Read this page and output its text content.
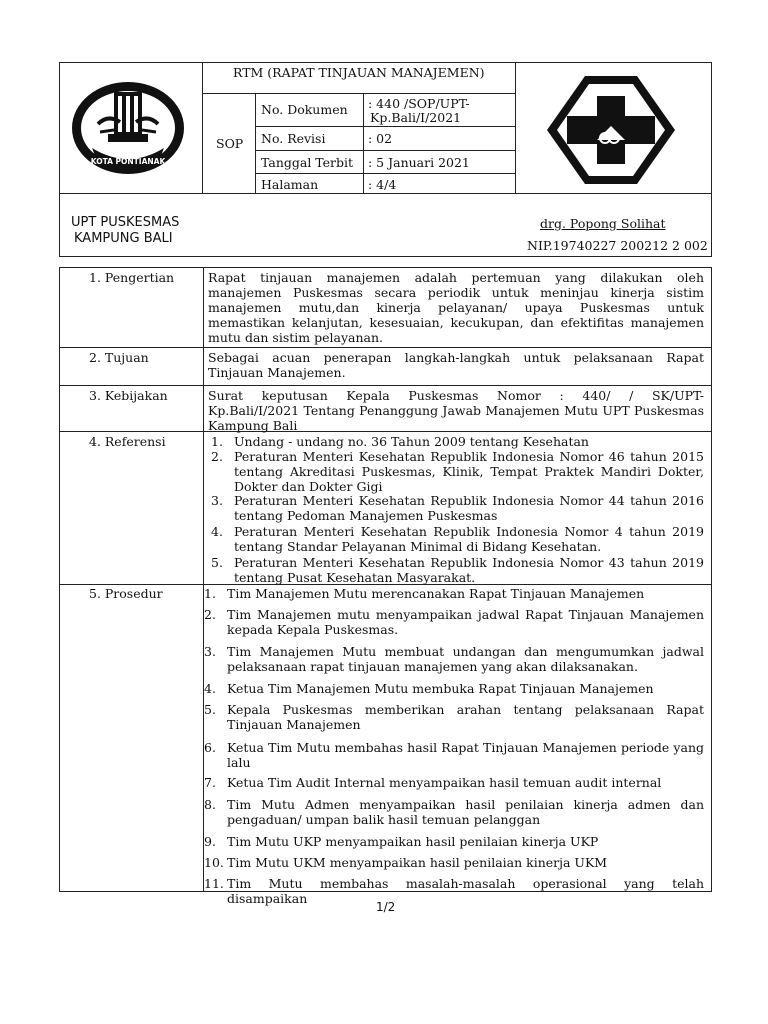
KOTA PONTIANAK
RTM (RAPAT TINJAUAN MANAJEMEN)
SOP
No. Dokumen : 440 /SOP/UPT-
Kp.Bali/I/2021
No. Revisi	: 02
Tanggal Terbit : 5 Januari 2021
Halaman	: 4/4
UPT PUSKESMAS
KAMPUNG BALI
drg. Popong Solihat
NIP.19740227 200212 2 002
1. Pengertian	Rapat tinjauan manajemen adalah pertemuan yang dilakukan oleh manajemen Puskesmas secara periodik untuk meninjau kinerja sistim manajemen mutu,dan kinerja pelayanan/ upaya Puskesmas untuk memastikan kelanjutan, kesesuaian, kecukupan, dan efektifitas manajemen mutu dan sistim pelayanan.
2. Tujuan	Sebagai acuan penerapan langkah-langkah untuk pelaksanaan Rapat Tinjauan Manajemen.
3. Kebijakan	Surat keputusan Kepala Puskesmas Nomor : 440/ / SK/UPT-
Kp.Bali/I/2021 Tentang Penanggung Jawab Manajemen Mutu UPT Puskesmas Kampung Bali
4. Referensi	1. Undang - undang no. 36 Tahun 2009 tentang Kesehatan
2. Peraturan Menteri Kesehatan Republik Indonesia Nomor 46 tahun 2015 tentang Akreditasi Puskesmas, Klinik, Tempat Praktek Mandiri Dokter, Dokter dan Dokter Gigi
3. Peraturan Menteri Kesehatan Republik Indonesia Nomor 44 tahun 2016 tentang Pedoman Manajemen Puskesmas
4. Peraturan Menteri Kesehatan Republik Indonesia Nomor 4 tahun 2019 tentang Standar Pelayanan Minimal di Bidang Kesehatan.
5. Peraturan Menteri Kesehatan Republik Indonesia Nomor 43 tahun 2019 tentang Pusat Kesehatan Masyarakat.
5. Prosedur	1. Tim Manajemen Mutu merencanakan Rapat Tinjauan Manajemen
2. Tim Manajemen mutu menyampaikan jadwal Rapat Tinjauan Manajemen kepada Kepala Puskesmas.
3. Tim Manajemen Mutu membuat undangan dan mengumumkan jadwal pelaksanaan rapat tinjauan manajemen yang akan dilaksanakan.
4. Ketua Tim Manajemen Mutu membuka Rapat Tinjauan Manajemen
5. Kepala Puskesmas memberikan arahan tentang pelaksanaan Rapat Tinjauan Manajemen
6. Ketua Tim Mutu membahas hasil Rapat Tinjauan Manajemen periode yang lalu
7. Ketua Tim Audit Internal menyampaikan hasil temuan audit internal
8. Tim Mutu Admen menyampaikan hasil penilaian kinerja admen dan pengaduan/ umpan balik hasil temuan pelanggan
9. Tim Mutu UKP menyampaikan hasil penilaian kinerja UKP
10. Tim Mutu UKM menyampaikan hasil penilaian kinerja UKM
11. Tim Mutu membahas masalah-masalah operasional yang telah disampaikan
1/2
